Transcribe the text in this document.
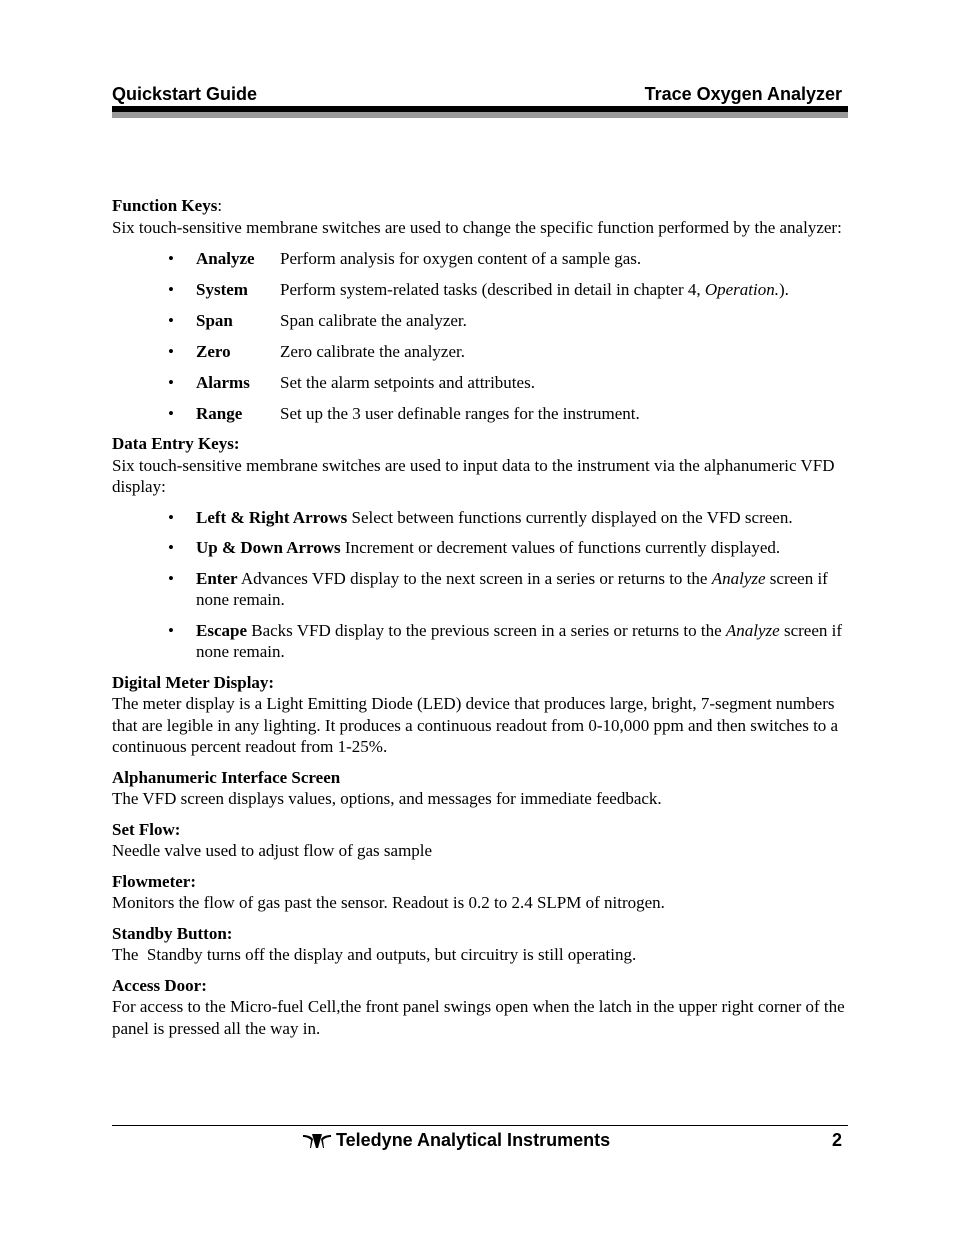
Quickstart Guide	Trace Oxygen Analyzer

Function Keys:

Six touch-sensitive membrane switches are used to change the specific function performed by the analyzer:

• Analyze Perform analysis for oxygen content of a sample gas.
• System Perform system-related tasks (described in detail in chapter 4, Operation.).
• Span	Span calibrate the analyzer.
• Zero	Zero calibrate the analyzer.
• Alarms Set the alarm setpoints and attributes.
• Range Set up the 3 user definable ranges for the instrument.

Data Entry Keys:

Six touch-sensitive membrane switches are used to input data to the instrument via the alphanumeric VFD display:

• Left & Right Arrows Select between functions currently displayed on the VFD screen.
• Up & Down Arrows Increment or decrement values of functions currently displayed.
• Enter Advances VFD display to the next screen in a series or returns to the Analyze screen if none remain.
• Escape Backs VFD display to the previous screen in a series or returns to the Analyze screen if none remain.

Digital Meter Display:

The meter display is a Light Emitting Diode (LED) device that produces large, bright, 7-segment numbers that are legible in any lighting. It produces a continuous readout from 0-10,000 ppm and then switches to a continuous percent readout from 1-25%.

Alphanumeric Interface Screen

The VFD screen displays values, options, and messages for immediate feedback.

Set Flow:

Needle valve used to adjust flow of gas sample

Flowmeter:

Monitors the flow of gas past the sensor. Readout is 0.2 to 2.4 SLPM of nitrogen.

Standby Button:

The  Standby turns off the display and outputs, but circuitry is still operating.

Access Door:

For access to the Micro-fuel Cell,the front panel swings open when the latch in the upper right corner of the panel is pressed all the way in.

Teledyne Analytical Instruments	2
